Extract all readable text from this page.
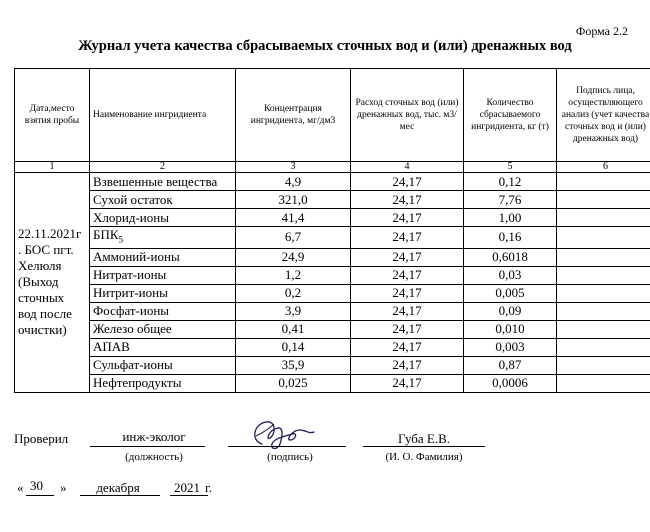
Форма 2.2
Журнал учета качества сбрасываемых сточных вод и (или) дренажных вод
Дата,место взятия пробы	Наименование ингридиента	Концентрация ингридиента, мг/дм3	Расход сточных вод (или) дренажных вод, тыс. м3/мес	Количество сбрасываемого ингридиента, кг (т)	Подпись лица, осуществляющего анализ (учет качества сточных вод и (или) дренажных вод)
1	2	3	4	5	6
22.11.2021г . БОС пгт. Хелюля (Выход сточных вод после очистки)	Взвешенные вещества	4,9	24,17	0,12	
	Сухой остаток	321,0	24,17	7,76	
	Хлорид-ионы	41,4	24,17	1,00	
	$БПК_5$	6,7	24,17	0,16	
	Аммоний-ионы	24,9	24,17	0,6018	
	Нитрат-ионы	1,2	24,17	0,03	
	Нитрит-ионы	0,2	24,17	0,005	
	Фосфат-ионы	3,9	24,17	0,09	
	Железо общее	0,41	24,17	0,010	
	АПАВ	0,14	24,17	0,003	
	Сульфат-ионы	35,9	24,17	0,87	
	Нефтепродукты	0,025	24,17	0,0006	
Проверил	инж-эколог
(должность)	(подпись)
Губа Е.В.
(И. О. Фамилия)
« 30 »	декабря	2021 г.
